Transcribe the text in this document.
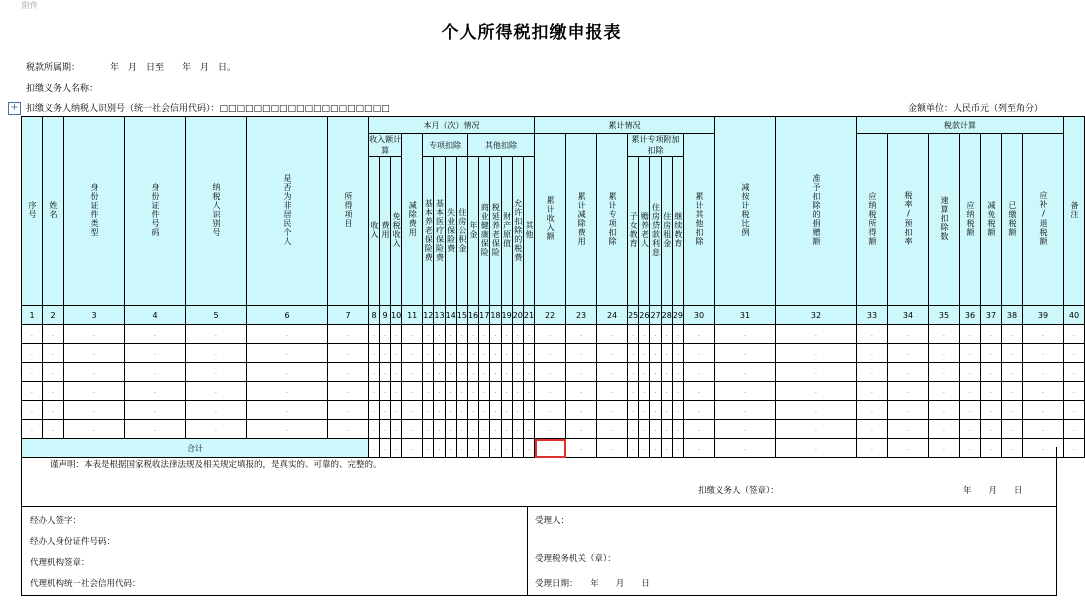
附件
个人所得税扣缴申报表
税款所属期：	年　月　日至　　年　月　日。
扣缴义务人名称：
+ 扣缴义务人纳税人识别号（统一社会信用代码）：□□□□□□□□□□□□□□□□□□□□	金额单位：人民币元（列至角分）
序号	姓名	身份证件类型	身份证件号码	纳税人识别号	是否为非居民个人	所得项目	本月（次）情况														累计情况									减按计税比例	准予扣除的捐赠额	税款计算							备注
							收入额计算			减除费用	专项扣除				其他扣除						累计收入额	累计减除费用	累计专项扣除	累计专项附加扣除					累计其他扣除			应纳税所得额	税率/预扣率	速算扣除数	应纳税额	减免税额	已缴税额	应补/退税额	
							收入	费用	免税收入		基本养老保险费	基本医疗保险费	失业保险费	住房公积金	年金	商业健康保险	税延养老保险	财产原值	允许扣除的税费	其他				子女教育	赡养老人	住房贷款利息	住房租金	继续教育											
1	2	3	4	5	6	7	8	9	10	11	12	13	14	15	16	17	18	19	20	21	22	23	24	25	26	27	28	29	30	31	32	33	34	35	36	37	38	39	40
.	.	.	.	.	.	.	.	.	.	.	.	.	.	.	.	.	.	.	.	.	.	.	.	.	.	.	.	.	.	.	.	.	.	.	.	.	.	.	.
.	.	.	.	.	.	.	.	.	.	.	.	.	.	.	.	.	.	.	.	.	.	.	.	.	.	.	.	.	.	.	.	.	.	.	.	.	.	.	.
.	.	.	.	.	.	.	.	.	.	.	.	.	.	.	.	.	.	.	.	.	.	.	.	.	.	.	.	.	.	.	.	.	.	.	.	.	.	.	.
.	.	.	.	.	.	.	.	.	.	.	.	.	.	.	.	.	.	.	.	.	.	.	.	.	.	.	.	.	.	.	.	.	.	.	.	.	.	.	.
.	.	.	.	.	.	.	.	.	.	.	.	.	.	.	.	.	.	.	.	.	.	.	.	.	.	.	.	.	.	.	.	.	.	.	.	.	.	.	.
.	.	.	.	.	.	.	.	.	.	.	.	.	.	.	.	.	.	.	.	.	.	.	.	.	.	.	.	.	.	.	.	.	.	.	.	.	.	.	.
合计							.	.	.	.	.	.	.	.	.	.	.	.	.	.	.	.	.	.	.	.	.	.	.	.	.	.	.	.	.	.	.	.	.
谨声明：本表是根据国家税收法律法规及相关规定填报的，是真实的、可靠的、完整的。
扣缴义务人（签章）：	年　　月　　日
经办人签字：
经办人身份证件号码：
代理机构签章：
代理机构统一社会信用代码：
受理人：
受理税务机关（章）：
受理日期：　　年　　月　　日
